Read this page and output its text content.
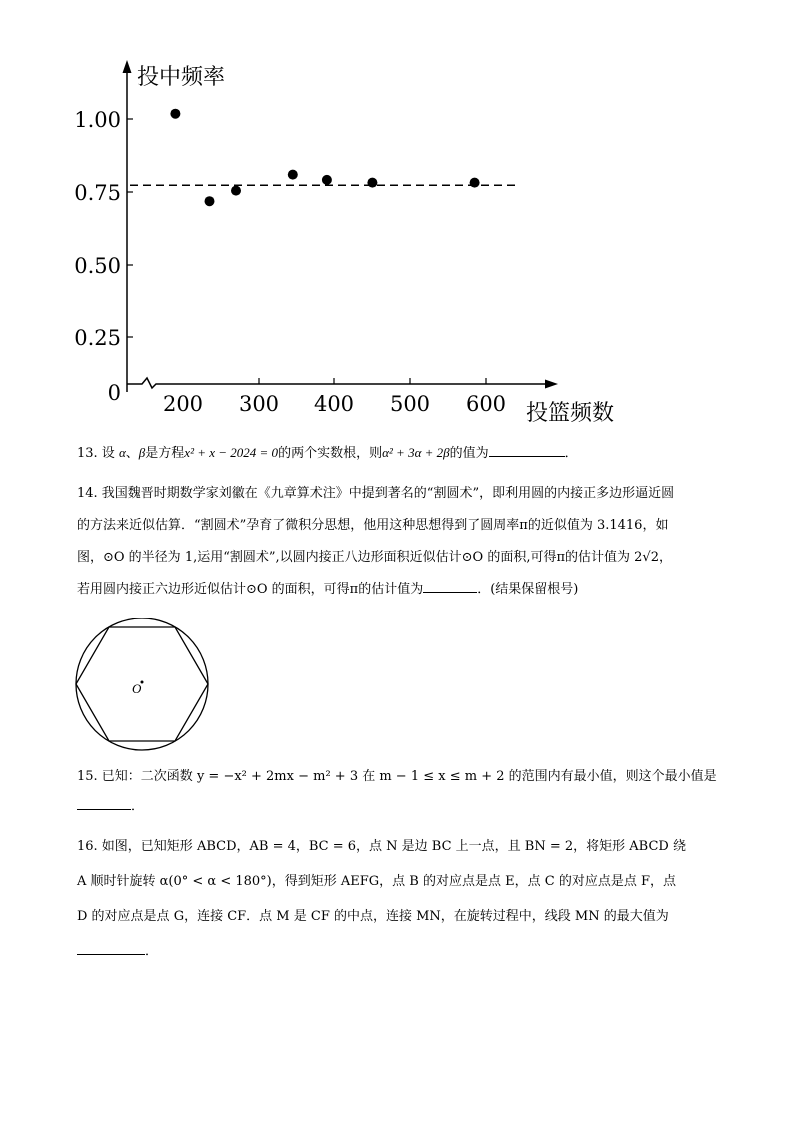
投中频率
投篮频数
1.00
0.75
0.50
0.25
0 200 300 400 500 600
13. 设 α、β是方程x² + x − 2024 = 0的两个实数根，则α² + 3α + 2β的值为	．
14. 我国魏晋时期数学家刘徽在《九章算术注》中提到著名的“割圆术”，即利用圆的内接正多边形逼近圆
的方法来近似估算．“割圆术”孕育了微积分思想，他用这种思想得到了圆周率π的近似值为 3.1416，如
图，⊙O 的半径为 1,运用“割圆术”,以圆内接正八边形面积近似估计⊙O 的面积,可得π的估计值为 2√2，
若用圆内接正六边形近似估计⊙O 的面积，可得π的估计值为	．(结果保留根号)
O
15. 已知：二次函数 y = −x² + 2mx − m² + 3 在 m − 1 ≤ x ≤ m + 2 的范围内有最小值，则这个最小值是
．
16. 如图，已知矩形 ABCD，AB = 4，BC = 6，点 N 是边 BC 上一点，且 BN = 2，将矩形 ABCD 绕
A 顺时针旋转 α(0° < α < 180°)，得到矩形 AEFG，点 B 的对应点是点 E，点 C 的对应点是点 F，点
D 的对应点是点 G，连接 CF．点 M 是 CF 的中点，连接 MN，在旋转过程中，线段 MN 的最大值为
．
